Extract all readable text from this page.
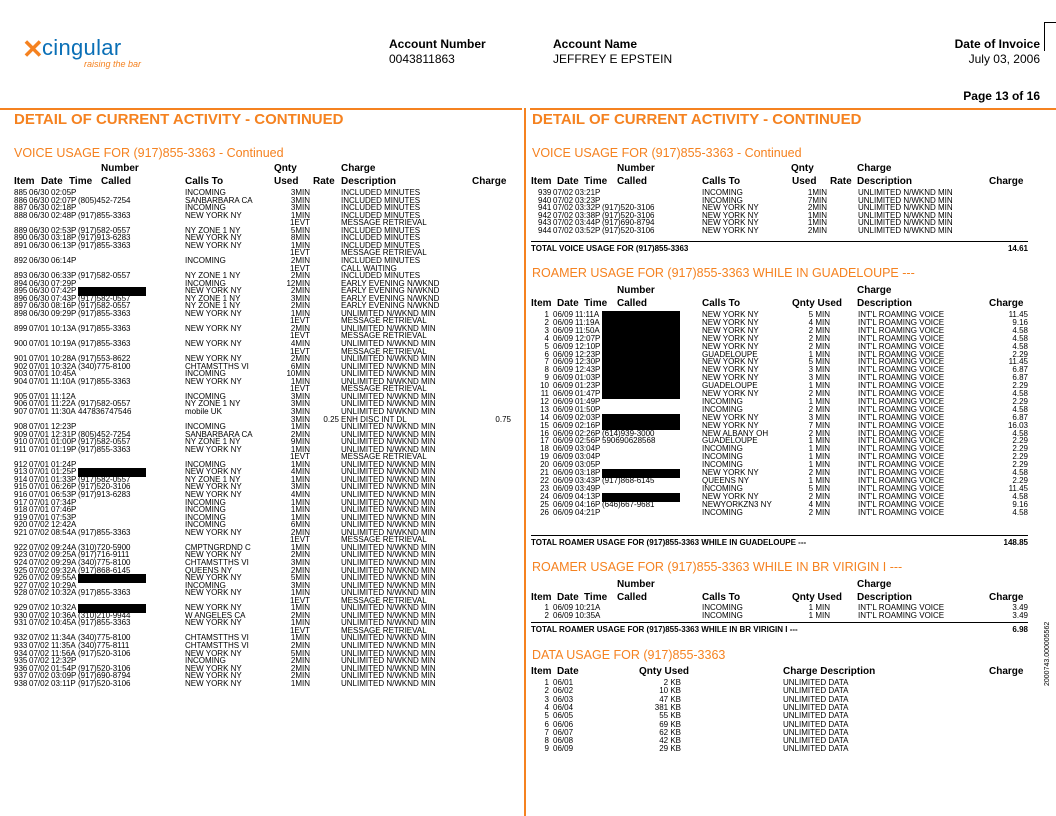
✕
cingular
raising the bar
Account Number
0043811863
Account Name
JEFFREY E EPSTEIN
Date of Invoice
July 03, 2006
Page 13 of 16
DETAIL OF CURRENT ACTIVITY - CONTINUED
VOICE USAGE FOR (917)855-3363 - Continued
Number	Qnty	Charge
Item Date Time Called	Calls To	Used Rate Description	Charge
885 06/30 02:05P	INCOMING	3MIN	INCLUDED MINUTES
886 06/30 02:07P (805)452-7254	SANBARBARA CA	3MIN	INCLUDED MINUTES
887 06/30 02:18P	INCOMING	3MIN	INCLUDED MINUTES
888 06/30 02:48P (917)855-3363	NEW YORK NY	1MIN	INCLUDED MINUTES
1EVT	MESSAGE RETRIEVAL
889 06/30 02:53P (917)582-0557	NY ZONE 1 NY	5MIN	INCLUDED MINUTES
890 06/30 03:18P (917)913-6283	NEW YORK NY	8MIN	INCLUDED MINUTES
891 06/30 06:13P (917)855-3363	NEW YORK NY	1MIN	INCLUDED MINUTES
1EVT	MESSAGE RETRIEVAL
892 06/30 06:14P	INCOMING	2MIN	INCLUDED MINUTES
1EVT	CALL WAITING
893 06/30 06:33P (917)582-0557	NY ZONE 1 NY	2MIN	INCLUDED MINUTES
894 06/30 07:29P	INCOMING	12MIN	EARLY EVENING N/WKND
895 06/30 07:42P	NEW YORK NY	2MIN	EARLY EVENING N/WKND
896 06/30 07:43P (917)582-0557	NY ZONE 1 NY	3MIN	EARLY EVENING N/WKND
897 06/30 08:16P (917)582-0557	NY ZONE 1 NY	2MIN	EARLY EVENING N/WKND
898 06/30 09:29P (917)855-3363	NEW YORK NY	1MIN	UNLIMITED N/WKND MIN
1EVT	MESSAGE RETRIEVAL
899 07/01 10:13A (917)855-3363	NEW YORK NY	2MIN	UNLIMITED N/WKND MIN
1EVT	MESSAGE RETRIEVAL
900 07/01 10:19A (917)855-3363	NEW YORK NY	4MIN	UNLIMITED N/WKND MIN
1EVT	MESSAGE RETRIEVAL
901 07/01 10:28A (917)553-8622	NEW YORK NY	2MIN	UNLIMITED N/WKND MIN
902 07/01 10:32A (340)775-8100	CHTAMSTTHS VI	6MIN	UNLIMITED N/WKND MIN
903 07/01 10:45A	INCOMING	10MIN	UNLIMITED N/WKND MIN
904 07/01 11:10A (917)855-3363	NEW YORK NY	1MIN	UNLIMITED N/WKND MIN
1EVT	MESSAGE RETRIEVAL
905 07/01 11:12A	INCOMING	3MIN	UNLIMITED N/WKND MIN
906 07/01 11:22A (917)582-0557	NY ZONE 1 NY	3MIN	UNLIMITED N/WKND MIN
907 07/01 11:30A 447836747546	mobile UK	3MIN	UNLIMITED N/WKND MIN
3MIN	0.25 ENH DISC INT DL	0.75
908 07/01 12:23P	INCOMING	1MIN	UNLIMITED N/WKND MIN
909 07/01 12:31P (805)452-7254	SANBARBARA CA	2MIN	UNLIMITED N/WKND MIN
910 07/01 01:00P (917)582-0557	NY ZONE 1 NY	9MIN	UNLIMITED N/WKND MIN
911 07/01 01:19P (917)855-3363	NEW YORK NY	1MIN	UNLIMITED N/WKND MIN
1EVT	MESSAGE RETRIEVAL
912 07/01 01:24P	INCOMING	1MIN	UNLIMITED N/WKND MIN
913 07/01 01:25P	NEW YORK NY	4MIN	UNLIMITED N/WKND MIN
914 07/01 01:33P (917)582-0557	NY ZONE 1 NY	1MIN	UNLIMITED N/WKND MIN
915 07/01 06:26P (917)520-3106	NEW YORK NY	3MIN	UNLIMITED N/WKND MIN
916 07/01 06:53P (917)913-6283	NEW YORK NY	4MIN	UNLIMITED N/WKND MIN
917 07/01 07:34P	INCOMING	1MIN	UNLIMITED N/WKND MIN
918 07/01 07:46P	INCOMING	1MIN	UNLIMITED N/WKND MIN
919 07/01 07:53P	INCOMING	1MIN	UNLIMITED N/WKND MIN
920 07/02 12:42A	INCOMING	6MIN	UNLIMITED N/WKND MIN
921 07/02 08:54A (917)855-3363	NEW YORK NY	2MIN	UNLIMITED N/WKND MIN
1EVT	MESSAGE RETRIEVAL
922 07/02 09:24A (310)720-5900	CMPTNGRDND C	1MIN	UNLIMITED N/WKND MIN
923 07/02 09:25A (917)716-9111	NEW YORK NY	2MIN	UNLIMITED N/WKND MIN
924 07/02 09:29A (340)775-8100	CHTAMSTTHS VI	3MIN	UNLIMITED N/WKND MIN
925 07/02 09:32A (917)868-6145	QUEENS NY	2MIN	UNLIMITED N/WKND MIN
926 07/02 09:55A	NEW YORK NY	5MIN	UNLIMITED N/WKND MIN
927 07/02 10:29A	INCOMING	3MIN	UNLIMITED N/WKND MIN
928 07/02 10:32A (917)855-3363	NEW YORK NY	1MIN	UNLIMITED N/WKND MIN
1EVT	MESSAGE RETRIEVAL
929 07/02 10:32A	NEW YORK NY	1MIN	UNLIMITED N/WKND MIN
930 07/02 10:36A (310)210-9944	W ANGELES CA	2MIN	UNLIMITED N/WKND MIN
931 07/02 10:45A (917)855-3363	NEW YORK NY	1MIN	UNLIMITED N/WKND MIN
1EVT	MESSAGE RETRIEVAL
932 07/02 11:34A (340)775-8100	CHTAMSTTHS VI	1MIN	UNLIMITED N/WKND MIN
933 07/02 11:35A (340)775-8111	CHTAMSTTHS VI	2MIN	UNLIMITED N/WKND MIN
934 07/02 11:56A (917)520-3106	NEW YORK NY	5MIN	UNLIMITED N/WKND MIN
935 07/02 12:32P	INCOMING	2MIN	UNLIMITED N/WKND MIN
936 07/02 01:54P (917)520-3106	NEW YORK NY	2MIN	UNLIMITED N/WKND MIN
937 07/02 03:09P (917)690-8794	NEW YORK NY	2MIN	UNLIMITED N/WKND MIN
938 07/02 03:11P (917)520-3106	NEW YORK NY	1MIN	UNLIMITED N/WKND MIN
DETAIL OF CURRENT ACTIVITY - CONTINUED
VOICE USAGE FOR (917)855-3363 - Continued
Number	Qnty	Charge
Item Date Time Called	Calls To	Used Rate Description	Charge
939 07/02 03:21P	INCOMING	1MIN	UNLIMITED N/WKND MIN
940 07/02 03:23P	INCOMING	7MIN	UNLIMITED N/WKND MIN
941 07/02 03:32P (917)520-3106	NEW YORK NY	2MIN	UNLIMITED N/WKND MIN
942 07/02 03:38P (917)520-3106	NEW YORK NY	1MIN	UNLIMITED N/WKND MIN
943 07/02 03:44P (917)690-8794	NEW YORK NY	1MIN	UNLIMITED N/WKND MIN
944 07/02 03:52P (917)520-3106	NEW YORK NY	2MIN	UNLIMITED N/WKND MIN
TOTAL VOICE USAGE FOR (917)855-3363	14.61
ROAMER USAGE FOR (917)855-3363 WHILE IN GUADELOUPE ---
Number	Charge
Item Date Time Called	Calls To	Qnty Used Description	Charge
1 06/09 11:11A	NEW YORK NY	5 MIN	INT'L ROAMING VOICE	11.45
2 06/09 11:19A	NEW YORK NY	4 MIN	INT'L ROAMING VOICE	9.16
3 06/09 11:50A	NEW YORK NY	2 MIN	INT'L ROAMING VOICE	4.58
4 06/09 12:07P	NEW YORK NY	2 MIN	INT'L ROAMING VOICE	4.58
5 06/09 12:10P	NEW YORK NY	2 MIN	INT'L ROAMING VOICE	4.58
6 06/09 12:23P	GUADELOUPE	1 MIN	INT'L ROAMING VOICE	2.29
7 06/09 12:30P	NEW YORK NY	5 MIN	INT'L ROAMING VOICE	11.45
8 06/09 12:43P	NEW YORK NY	3 MIN	INT'L ROAMING VOICE	6.87
9 06/09 01:03P	NEW YORK NY	3 MIN	INT'L ROAMING VOICE	6.87
10 06/09 01:23P	GUADELOUPE	1 MIN	INT'L ROAMING VOICE	2.29
11 06/09 01:47P	NEW YORK NY	2 MIN	INT'L ROAMING VOICE	4.58
12 06/09 01:49P	INCOMING	1 MIN	INT'L ROAMING VOICE	2.29
13 06/09 01:50P	INCOMING	2 MIN	INT'L ROAMING VOICE	4.58
14 06/09 02:03P	NEW YORK NY	3 MIN	INT'L ROAMING VOICE	6.87
15 06/09 02:16P	NEW YORK NY	7 MIN	INT'L ROAMING VOICE	16.03
16 06/09 02:26P (614)939-3000	NEW ALBANY OH	2 MIN	INT'L ROAMING VOICE	4.58
17 06/09 02:56P 590690628568	GUADELOUPE	1 MIN	INT'L ROAMING VOICE	2.29
18 06/09 03:04P	INCOMING	1 MIN	INT'L ROAMING VOICE	2.29
19 06/09 03:04P	INCOMING	1 MIN	INT'L ROAMING VOICE	2.29
20 06/09 03:05P	INCOMING	1 MIN	INT'L ROAMING VOICE	2.29
21 06/09 03:18P	NEW YORK NY	2 MIN	INT'L ROAMING VOICE	4.58
22 06/09 03:43P (917)868-6145	QUEENS NY	1 MIN	INT'L ROAMING VOICE	2.29
23 06/09 03:49P	INCOMING	5 MIN	INT'L ROAMING VOICE	11.45
24 06/09 04:13P	NEW YORK NY	2 MIN	INT'L ROAMING VOICE	4.58
25 06/09 04:16P (646)667-9681	NEWYORKZN3 NY	4 MIN	INT'L ROAMING VOICE	9.16
26 06/09 04:21P	INCOMING	2 MIN	INT'L ROAMING VOICE	4.58
TOTAL ROAMER USAGE FOR (917)855-3363 WHILE IN GUADELOUPE ---	148.85
ROAMER USAGE FOR (917)855-3363 WHILE IN BR VIRIGIN I ---
Number	Charge
Item Date Time Called	Calls To	Qnty Used Description	Charge
1 06/09 10:21A	INCOMING	1 MIN	INT'L ROAMING VOICE	3.49
2 06/09 10:35A	INCOMING	1 MIN	INT'L ROAMING VOICE	3.49
TOTAL ROAMER USAGE FOR (917)855-3363 WHILE IN BR VIRIGIN I ---	6.98
DATA USAGE FOR (917)855-3363
Item Date	Qnty Used	Charge Description	Charge
1 06/01	2 KB	UNLIMITED DATA
2 06/02	10 KB	UNLIMITED DATA
3 06/03	47 KB	UNLIMITED DATA
4 06/04	381 KB	UNLIMITED DATA
5 06/05	55 KB	UNLIMITED DATA
6 06/06	69 KB	UNLIMITED DATA
7 06/07	62 KB	UNLIMITED DATA
8 06/08	42 KB	UNLIMITED DATA
9 06/09	29 KB	UNLIMITED DATA
2000743.000005562
